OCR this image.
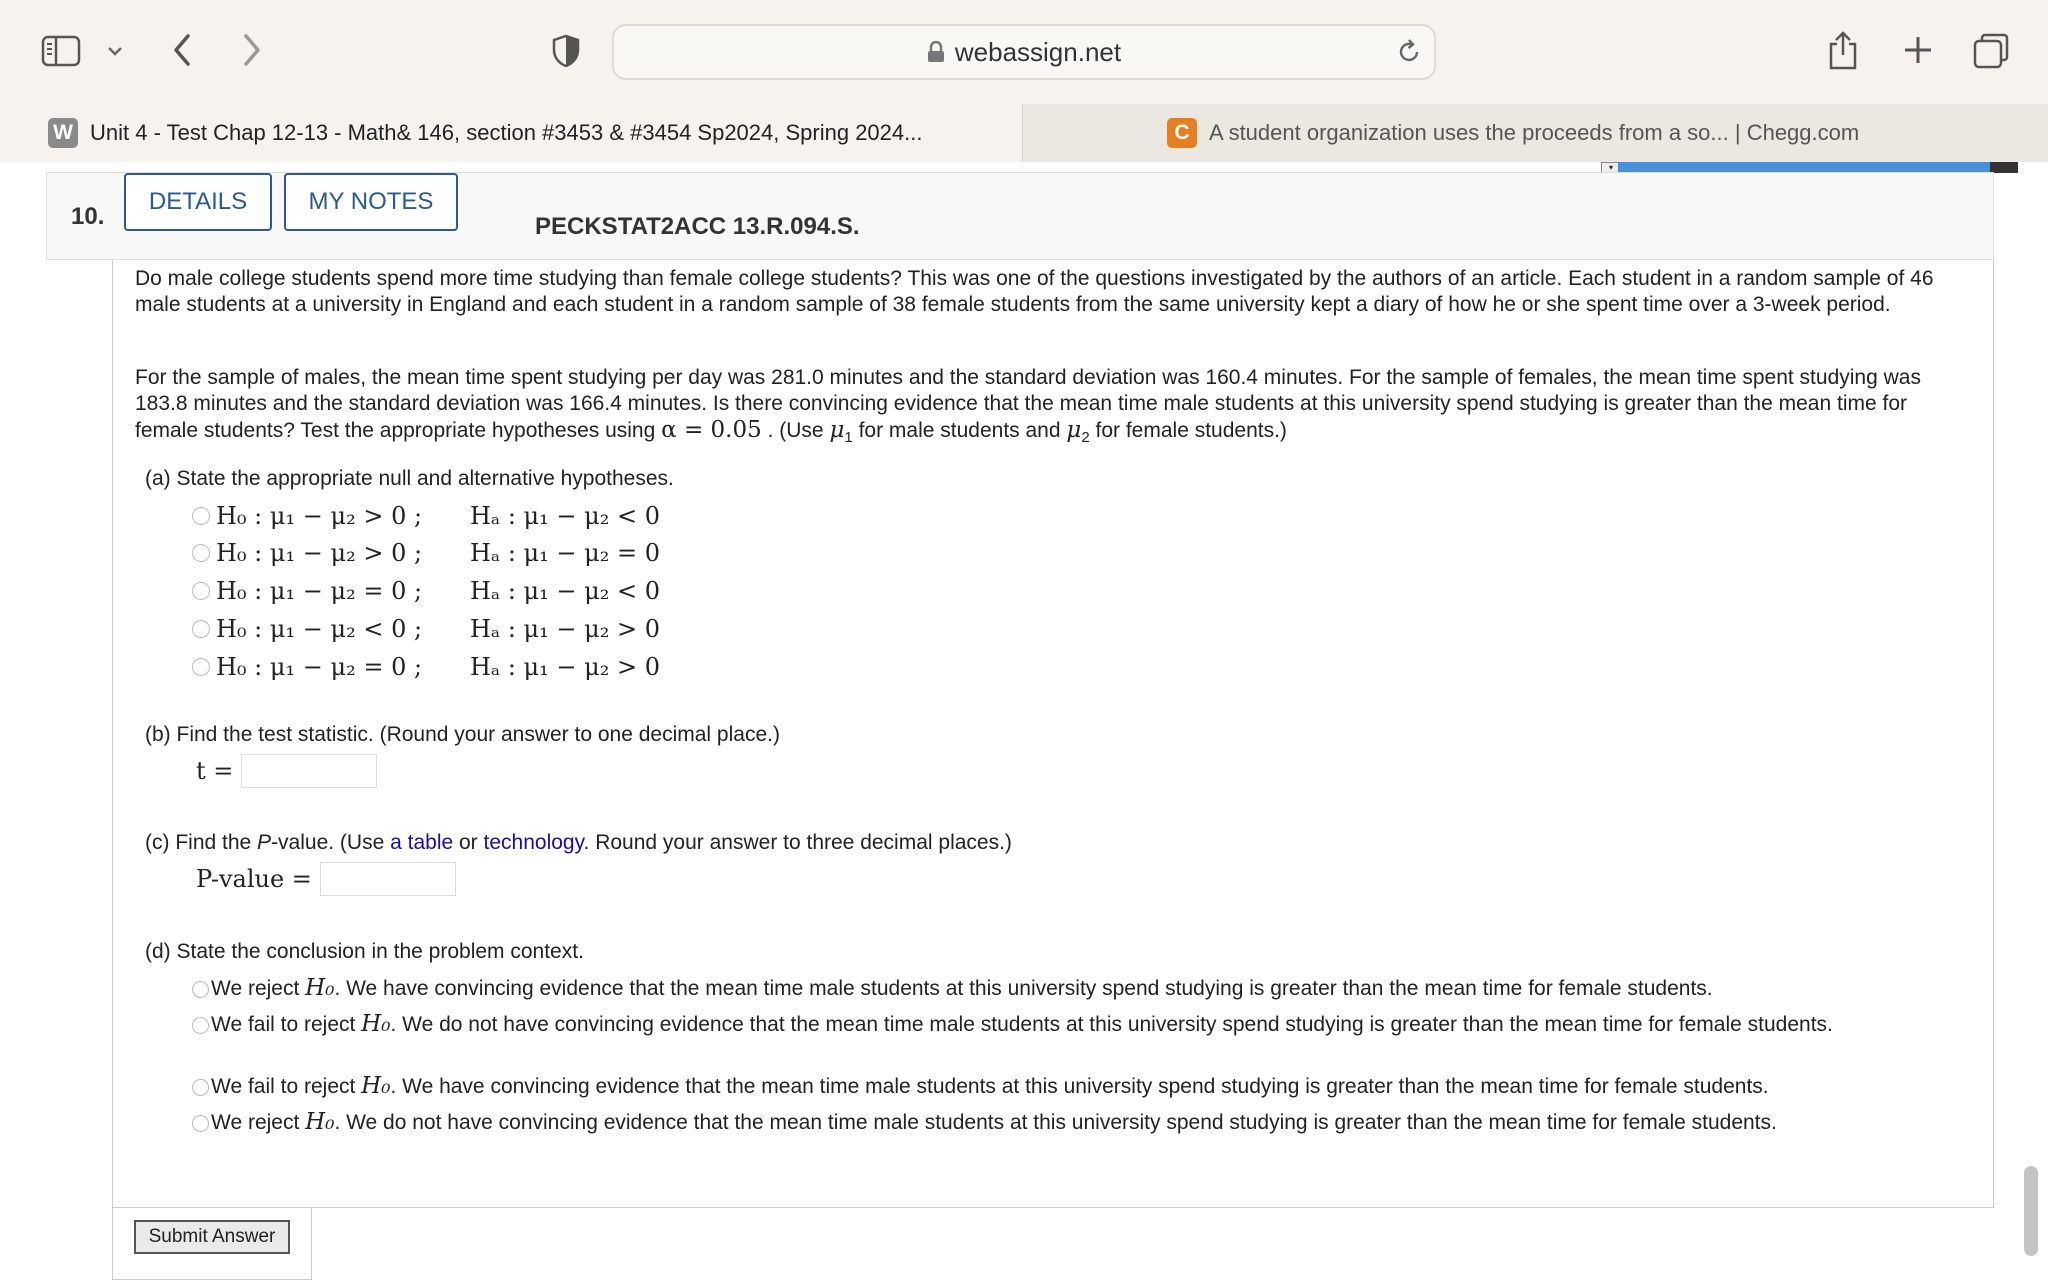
webassign.net
W Unit 4 - Test Chap 12-13 - Math& 146, section #3453 & #3454 Sp2024, Spring 2024...	C A student organization uses the proceeds from a so... | Chegg.com
▾
10.	PECKSTAT2ACC 13.R.094.S.

Do male college students spend more time studying than female college students? This was one of the questions investigated by the authors of an article. Each student in a random sample of 46 male students at a university in England and each student in a random sample of 38 female students from the same university kept a diary of how he or she spent time over a 3-week period.

For the sample of males, the mean time spent studying per day was 281.0 minutes and the standard deviation was 160.4 minutes. For the sample of females, the mean time spent studying was 183.8 minutes and the standard deviation was 166.4 minutes. Is there convincing evidence that the mean time male students at this university spend studying is greater than the mean time for female students? Test the appropriate hypotheses using α = 0.05 . (Use $\mu_1$ for male students and $\mu_2$ for female students.)

(a) State the appropriate null and alternative hypotheses.
(b) Find the test statistic. (Round your answer to one decimal place.)
t =
(c) Find the P-value. (Use a table or technology. Round your answer to three decimal places.)
P-value =
(d) State the conclusion in the problem context.
DETAILS	MY NOTES
H₀ : μ₁ − μ₂ > 0 ; Hₐ : μ₁ − μ₂ < 0
H₀ : μ₁ − μ₂ > 0 ; Hₐ : μ₁ − μ₂ = 0
H₀ : μ₁ − μ₂ = 0 ; Hₐ : μ₁ − μ₂ < 0
H₀ : μ₁ − μ₂ < 0 ; Hₐ : μ₁ − μ₂ > 0
H₀ : μ₁ − μ₂ = 0 ; Hₐ : μ₁ − μ₂ > 0
We reject H₀. We have convincing evidence that the mean time male students at this university spend studying is greater than the mean time for female students.
We fail to reject H₀. We do not have convincing evidence that the mean time male students at this university spend studying is greater than the mean time for female students.
We fail to reject H₀. We have convincing evidence that the mean time male students at this university spend studying is greater than the mean time for female students.
We reject H₀. We do not have convincing evidence that the mean time male students at this university spend studying is greater than the mean time for female students.
Submit Answer
